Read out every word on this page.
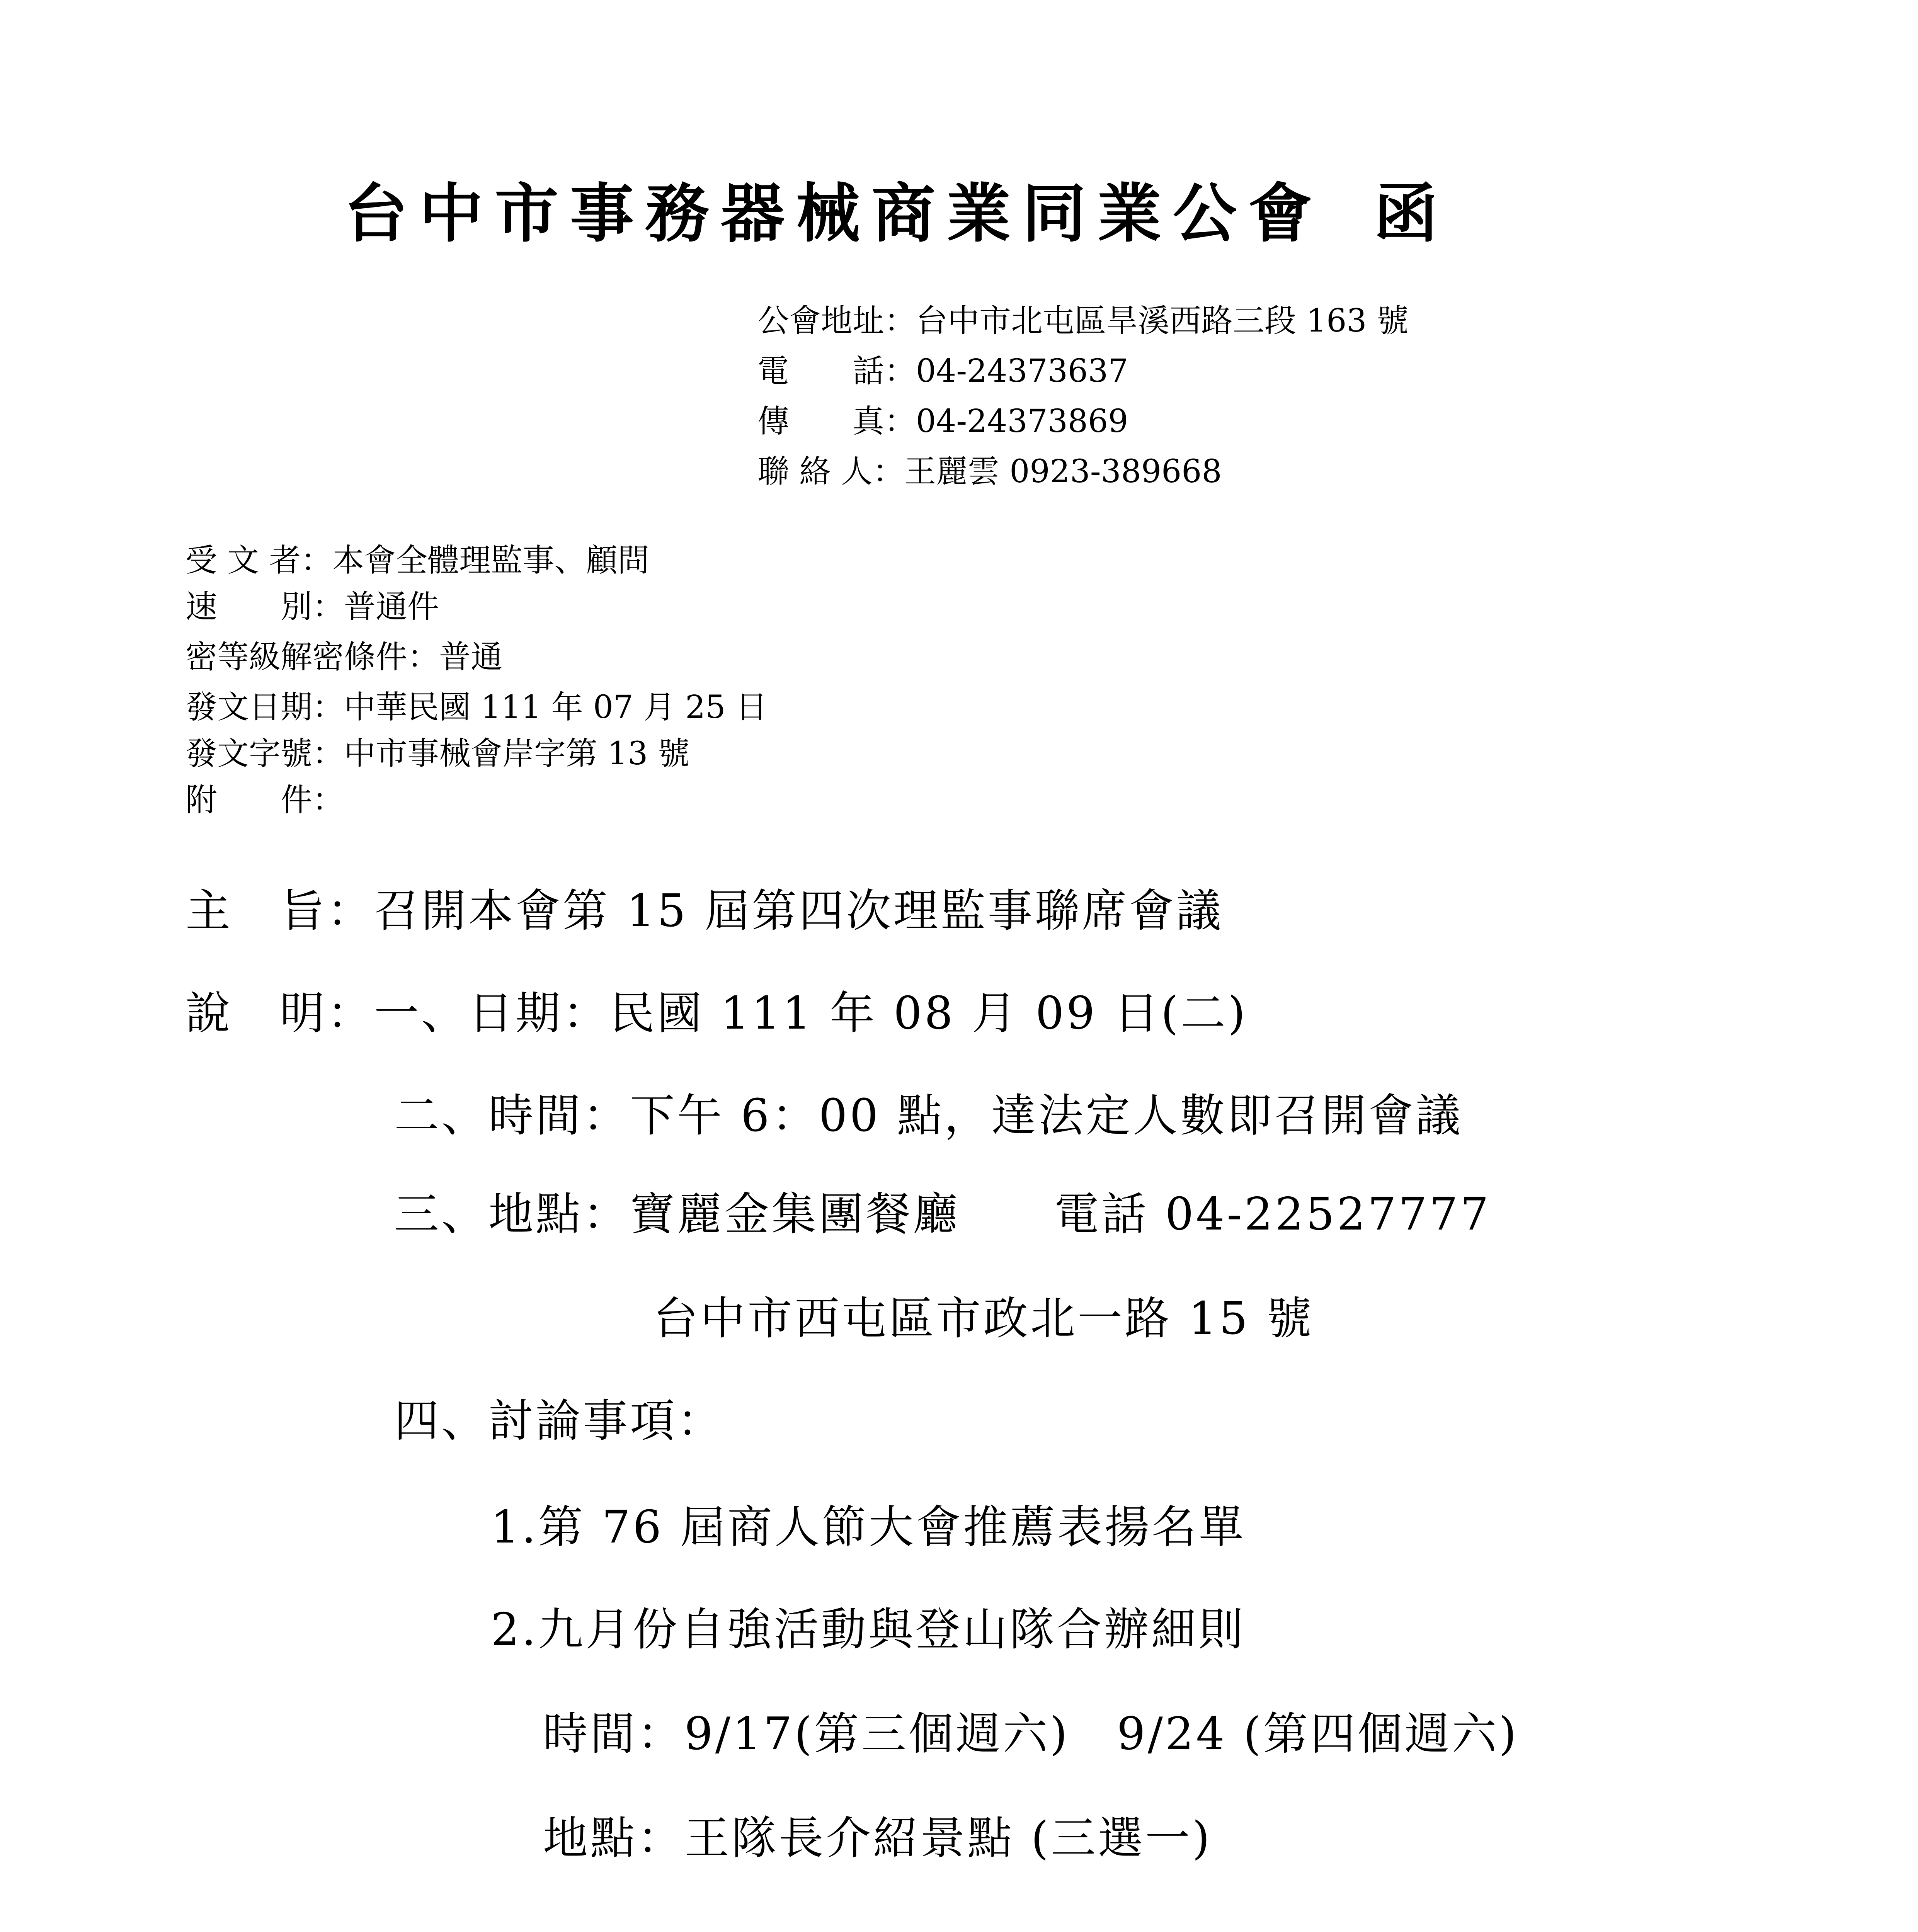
台中市事務器械商業同業公會 函
公會地址：台中市北屯區旱溪西路三段 163 號
電　　話：04-24373637
傳　　真：04-24373869
聯 絡 人：王麗雲 0923-389668
受 文 者：本會全體理監事、顧問
速　　別：普通件
密等級解密條件：普通
發文日期：中華民國 111 年 07 月 25 日
發文字號：中市事械會岸字第 13 號
附　　件：
主　旨：召開本會第 15 屆第四次理監事聯席會議
說　明：一、日期：民國 111 年 08 月 09 日(二)
二、時間：下午 6：00 點，達法定人數即召開會議
三、地點：寶麗金集團餐廳　　電話 04-22527777
台中市西屯區市政北一路 15 號
四、討論事項：
1.第 76 屆商人節大會推薦表揚名單
2.九月份自強活動與登山隊合辦細則
時間：9/17(第三個週六)　9/24 (第四個週六)
地點：王隊長介紹景點 (三選一)
